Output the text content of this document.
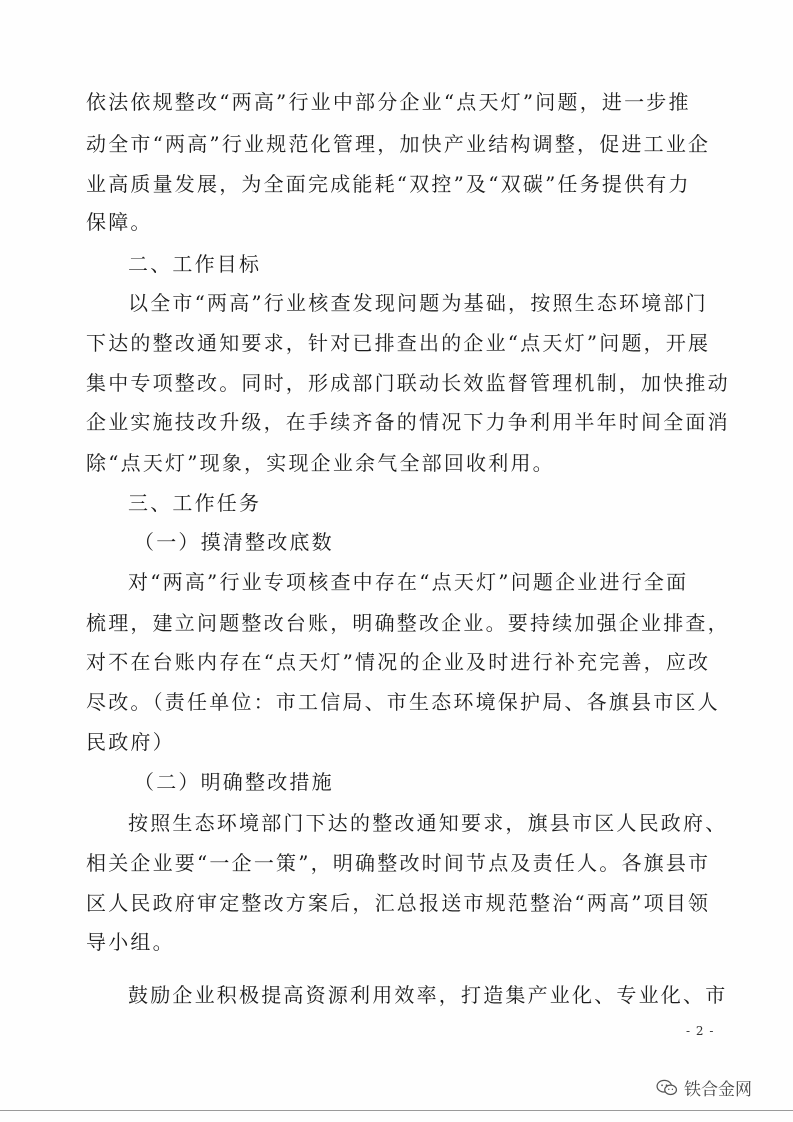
依法依规整改“两高”行业中部分企业“点天灯”问题，进一步推
动全市“两高”行业规范化管理，加快产业结构调整，促进工业企
业高质量发展，为全面完成能耗“双控”及“双碳”任务提供有力
保障。
二、工作目标
以全市“两高”行业核查发现问题为基础，按照生态环境部门
下达的整改通知要求，针对已排查出的企业“点天灯”问题，开展
集中专项整改。同时，形成部门联动长效监督管理机制，加快推动
企业实施技改升级，在手续齐备的情况下力争利用半年时间全面消
除“点天灯”现象，实现企业余气全部回收利用。
三、工作任务
（一）摸清整改底数
对“两高”行业专项核查中存在“点天灯”问题企业进行全面
梳理，建立问题整改台账，明确整改企业。要持续加强企业排查，
对不在台账内存在“点天灯”情况的企业及时进行补充完善，应改
尽改。（责任单位：市工信局、市生态环境保护局、各旗县市区人
民政府）
（二）明确整改措施
按照生态环境部门下达的整改通知要求，旗县市区人民政府、
相关企业要“一企一策”，明确整改时间节点及责任人。各旗县市
区人民政府审定整改方案后，汇总报送市规范整治“两高”项目领
导小组。
鼓励企业积极提高资源利用效率，打造集产业化、专业化、市
- 2 -
铁合金网
